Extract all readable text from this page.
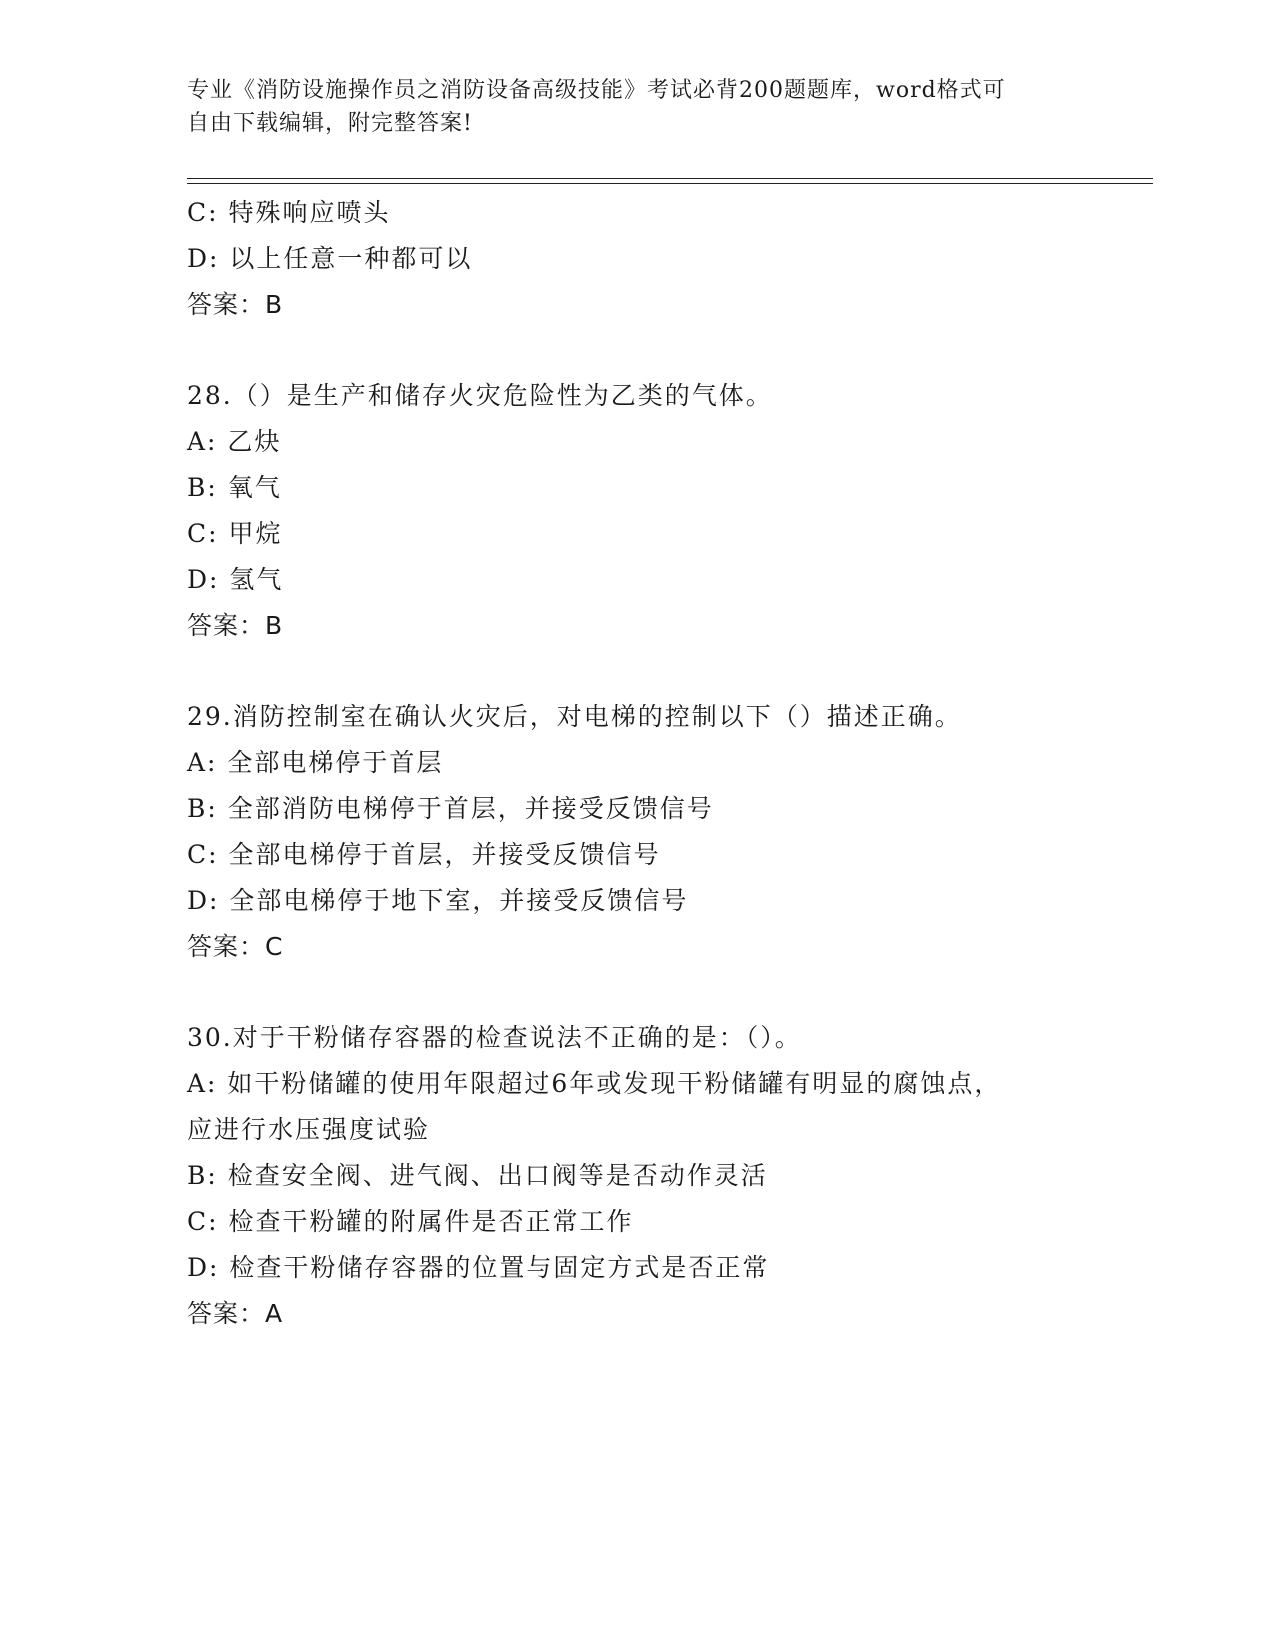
专业《消防设施操作员之消防设备高级技能》考试必背200题题库，word格式可
自由下载编辑，附完整答案!
C: 特殊响应喷头
D: 以上任意一种都可以
答案：B
28.（）是生产和储存火灾危险性为乙类的气体。
A: 乙炔
B: 氧气
C: 甲烷
D: 氢气
答案：B
29.消防控制室在确认火灾后，对电梯的控制以下（）描述正确。
A: 全部电梯停于首层
B: 全部消防电梯停于首层，并接受反馈信号
C: 全部电梯停于首层，并接受反馈信号
D: 全部电梯停于地下室，并接受反馈信号
答案：C
30.对于干粉储存容器的检查说法不正确的是：（）。
A: 如干粉储罐的使用年限超过6年或发现干粉储罐有明显的腐蚀点，
应进行水压强度试验
B: 检查安全阀、进气阀、出口阀等是否动作灵活
C: 检查干粉罐的附属件是否正常工作
D: 检查干粉储存容器的位置与固定方式是否正常
答案：A
